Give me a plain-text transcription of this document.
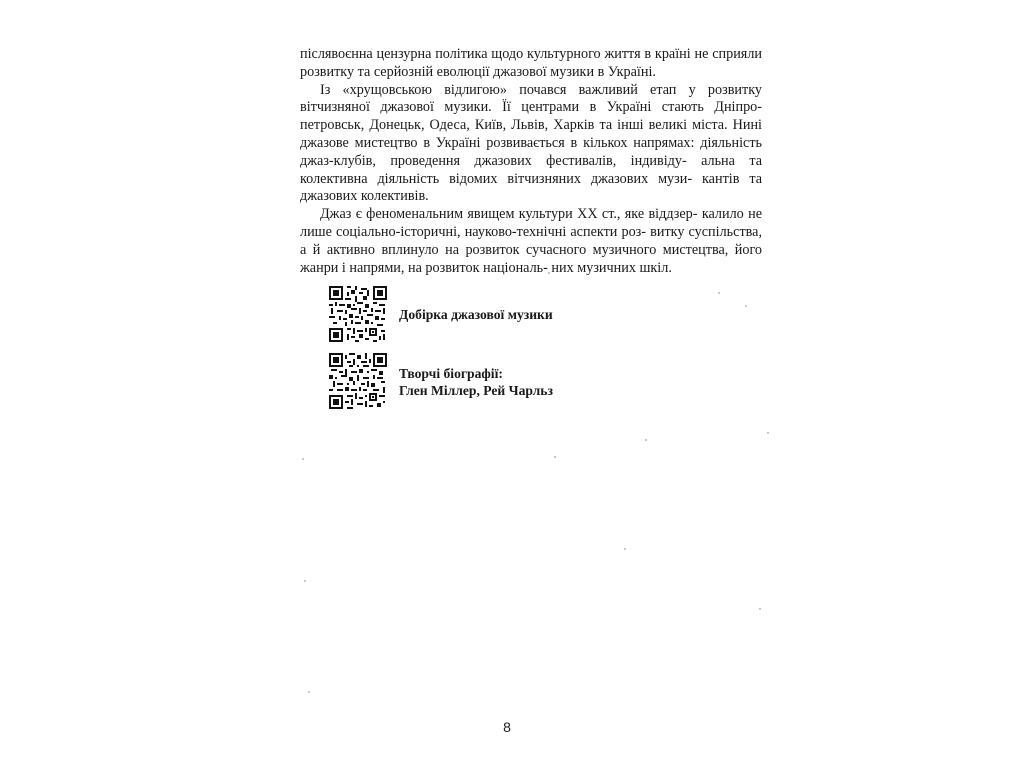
післявоєнна цензурна політика щодо культурного життя в країні не сприяли розвитку та серйозній еволюції джазової музики в Україні.

Із «хрущовською відлигою» почався важливий етап у розвитку вітчизняної джазової музики. Її центрами в Україні стають Дніпро- петровськ, Донецьк, Одеса, Київ, Львів, Харків та інші великі міста. Нині джазове мистецтво в Україні розвивається в кількох напрямах: діяльність джаз-клубів, проведення джазових фестивалів, індивіду- альна та колективна діяльність відомих вітчизняних джазових музи- кантів та джазових колективів.

Джаз є феноменальним явищем культури XX ст., яке віддзер- калило не лише соціально-історичні, науково-технічні аспекти роз- витку суспільства, а й активно вплинуло на розвиток сучасного музичного мистецтва, його жанри і напрями, на розвиток національ- них музичних шкіл.

Добірка джазової музики
Творчі біографії:
Глен Міллер, Рей Чарльз
8
